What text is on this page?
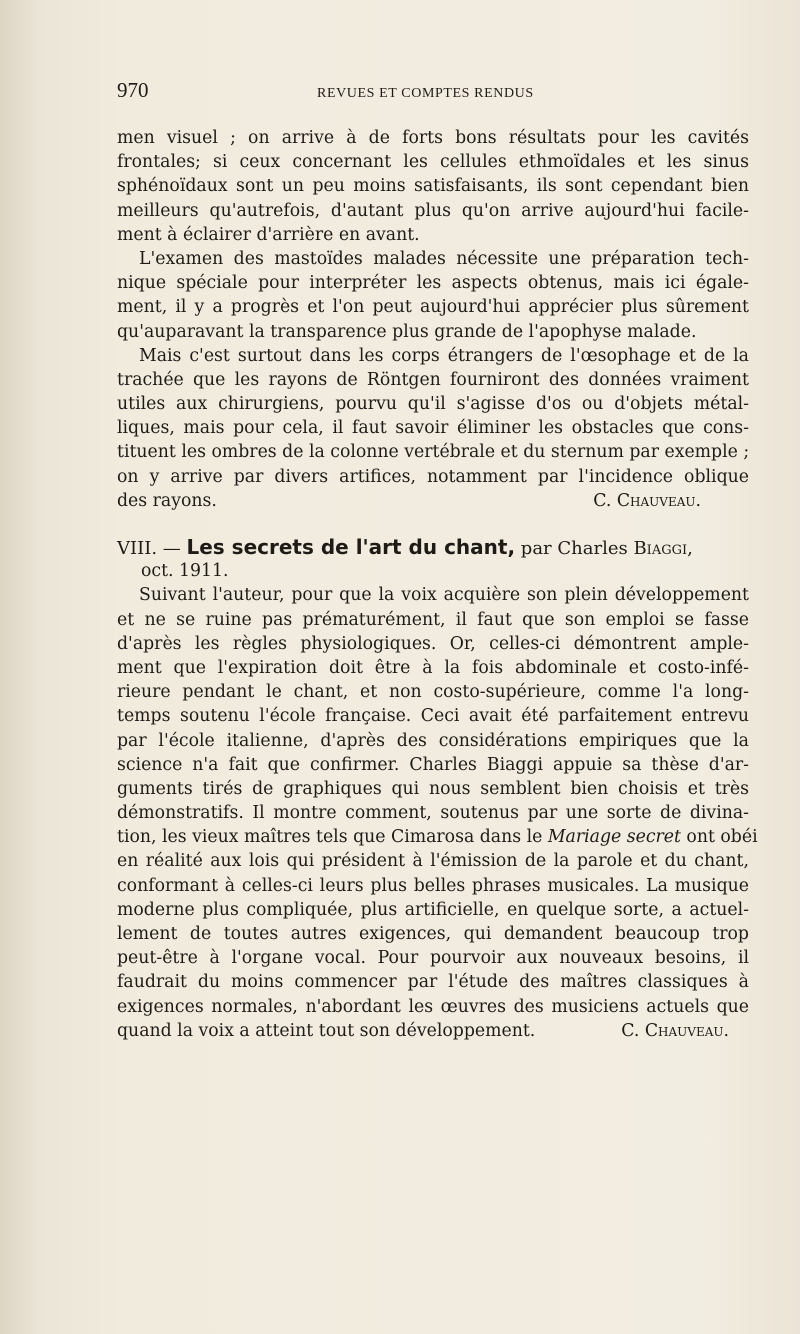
970	REVUES ET COMPTES RENDUS
men visuel ; on arrive à de forts bons résultats pour les cavités
frontales; si ceux concernant les cellules ethmoïdales et les sinus
sphénoïdaux sont un peu moins satisfaisants, ils sont cependant bien
meilleurs qu'autrefois, d'autant plus qu'on arrive aujourd'hui facile-
ment à éclairer d'arrière en avant.
L'examen des mastoïdes malades nécessite une préparation tech-
nique spéciale pour interpréter les aspects obtenus, mais ici égale-
ment, il y a progrès et l'on peut aujourd'hui apprécier plus sûrement
qu'auparavant la transparence plus grande de l'apophyse malade.
Mais c'est surtout dans les corps étrangers de l'œsophage et de la
trachée que les rayons de Röntgen fourniront des données vraiment
utiles aux chirurgiens, pourvu qu'il s'agisse d'os ou d'objets métal-
liques, mais pour cela, il faut savoir éliminer les obstacles que cons-
tituent les ombres de la colonne vertébrale et du sternum par exemple ;
on y arrive par divers artifices, notamment par l'incidence oblique
des rayons.	C. Chauveau.
VIII. — Les secrets de l'art du chant, par Charles Biaggi,
oct. 1911.
Suivant l'auteur, pour que la voix acquière son plein développement
et ne se ruine pas prématurément, il faut que son emploi se fasse
d'après les règles physiologiques. Or, celles-ci démontrent ample-
ment que l'expiration doit être à la fois abdominale et costo-infé-
rieure pendant le chant, et non costo-supérieure, comme l'a long-
temps soutenu l'école française. Ceci avait été parfaitement entrevu
par l'école italienne, d'après des considérations empiriques que la
science n'a fait que confirmer. Charles Biaggi appuie sa thèse d'ar-
guments tirés de graphiques qui nous semblent bien choisis et très
démonstratifs. Il montre comment, soutenus par une sorte de divina-
tion, les vieux maîtres tels que Cimarosa dans le Mariage secret ont obéi
en réalité aux lois qui président à l'émission de la parole et du chant,
conformant à celles-ci leurs plus belles phrases musicales. La musique
moderne plus compliquée, plus artificielle, en quelque sorte, a actuel-
lement de toutes autres exigences, qui demandent beaucoup trop
peut-être à l'organe vocal. Pour pourvoir aux nouveaux besoins, il
faudrait du moins commencer par l'étude des maîtres classiques à
exigences normales, n'abordant les œuvres des musiciens actuels que
quand la voix a atteint tout son développement.	C. Chauveau.
